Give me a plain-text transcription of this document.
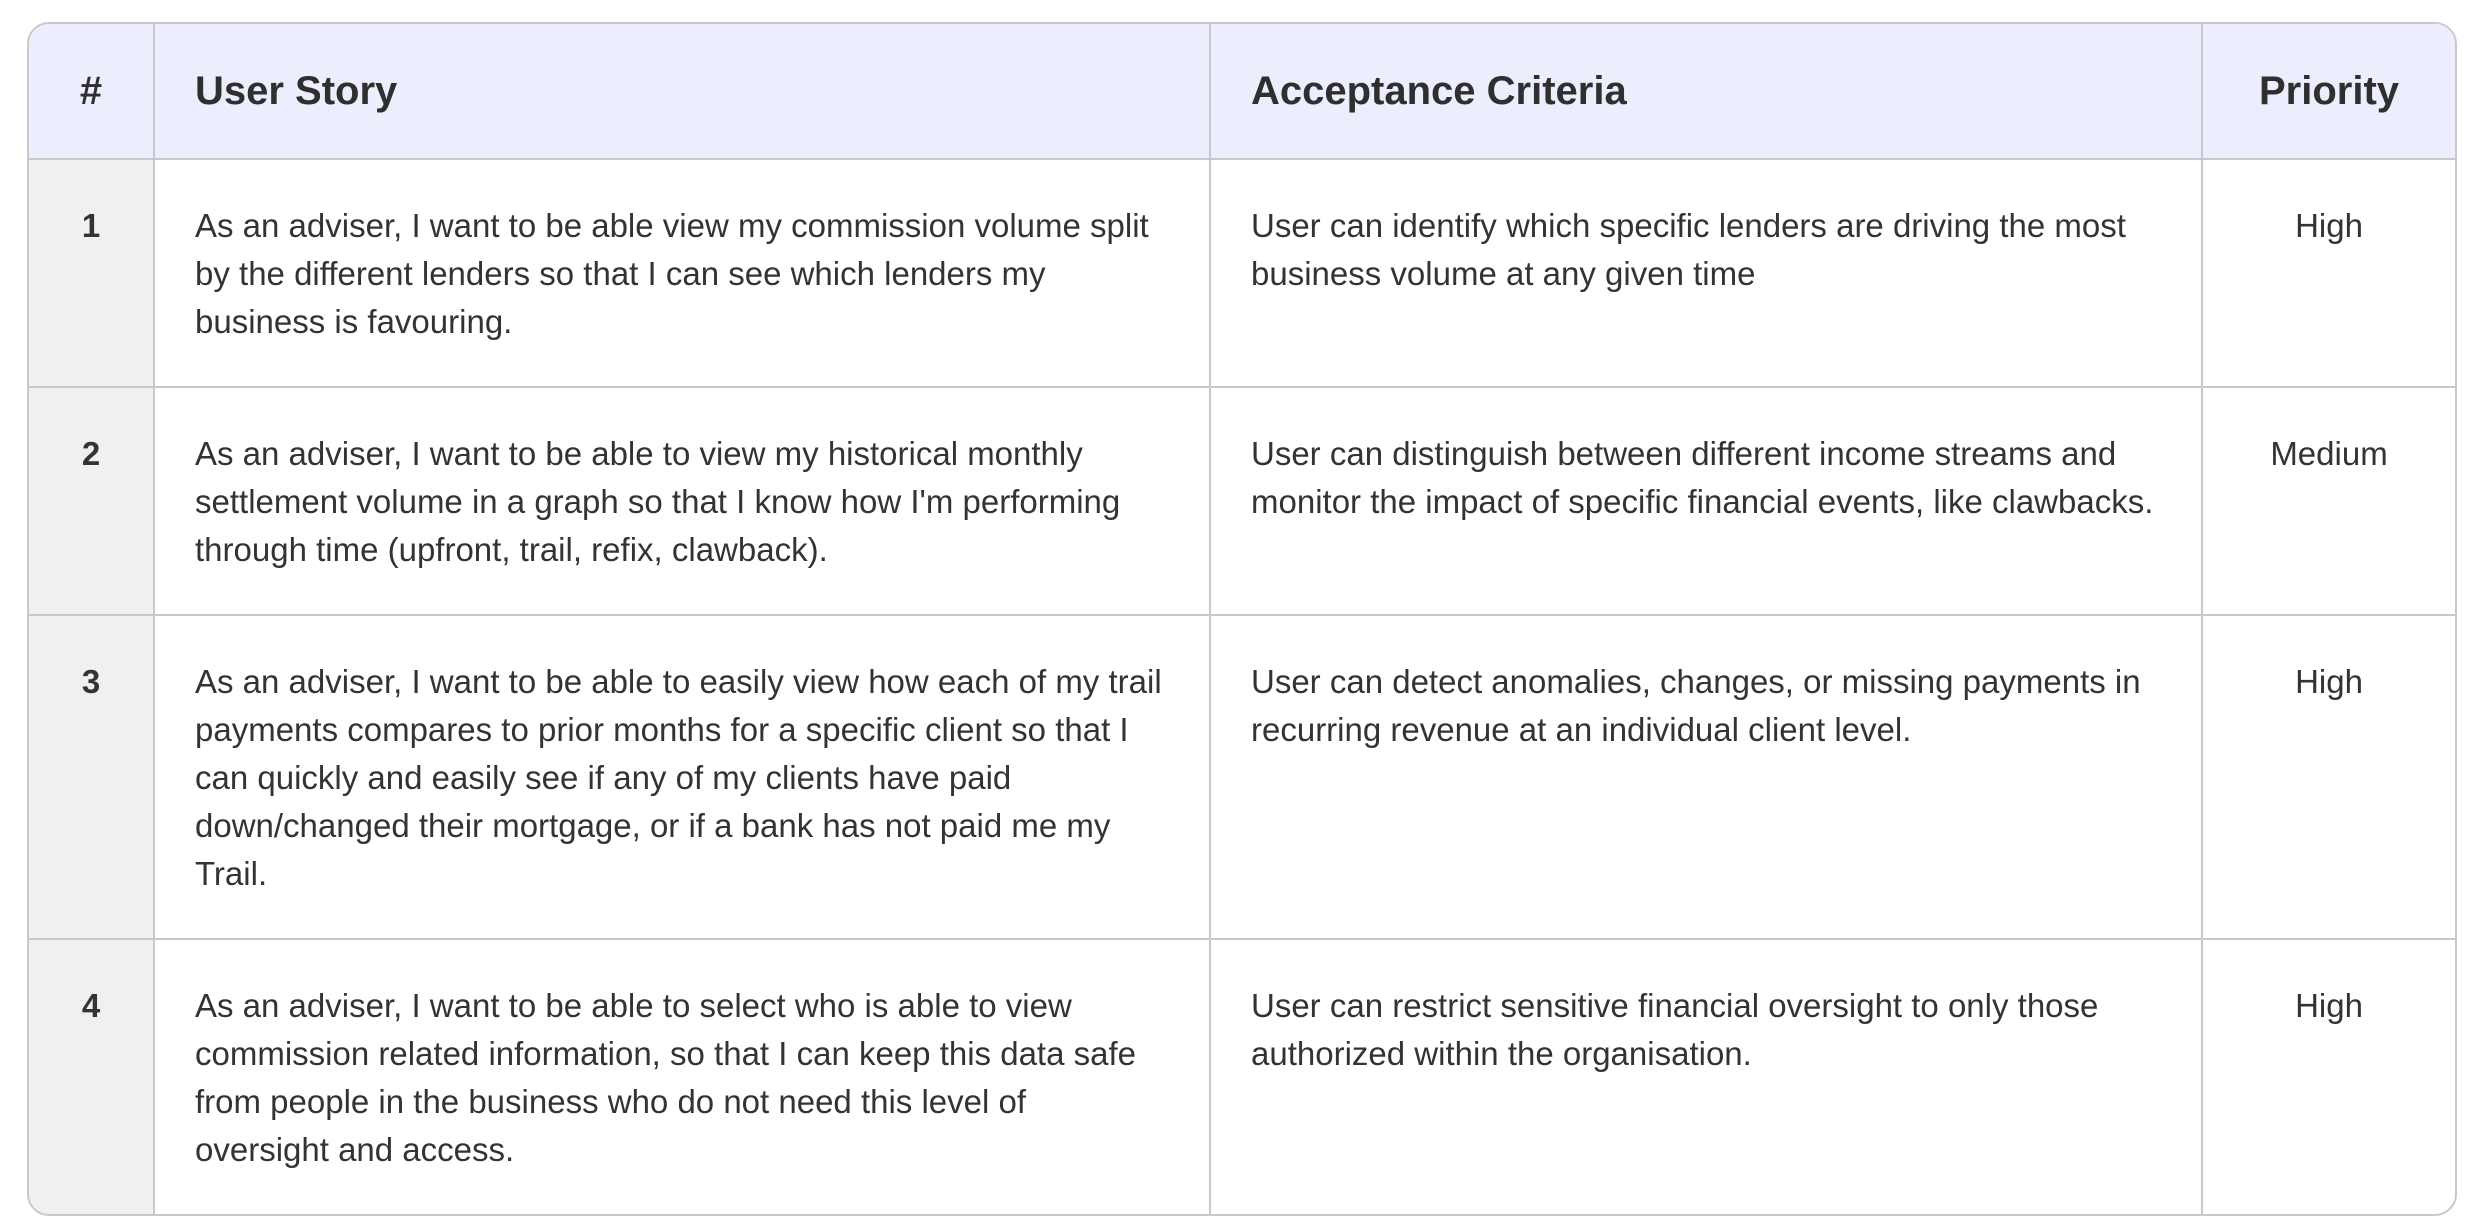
#	User Story	Acceptance Criteria	Priority
1	As an adviser, I want to be able view my commission volume split by the different lenders so that I can see which lenders my business is favouring.	User can identify which specific lenders are driving the most business volume at any given time	High
2	As an adviser, I want to be able to view my historical monthly settlement volume in a graph so that I know how I'm performing through time (upfront, trail, refix, clawback).	User can distinguish between different income streams and monitor the impact of specific financial events, like clawbacks.	Medium
3	As an adviser, I want to be able to easily view how each of my trail payments compares to prior months for a specific client so that I can quickly and easily see if any of my clients have paid down/changed their mortgage, or if a bank has not paid me my Trail.	User can detect anomalies, changes, or missing payments in recurring revenue at an individual client level.	High
4	As an adviser, I want to be able to select who is able to view commission related information, so that I can keep this data safe from people in the business who do not need this level of oversight and access.	User can restrict sensitive financial oversight to only those authorized within the organisation.	High
